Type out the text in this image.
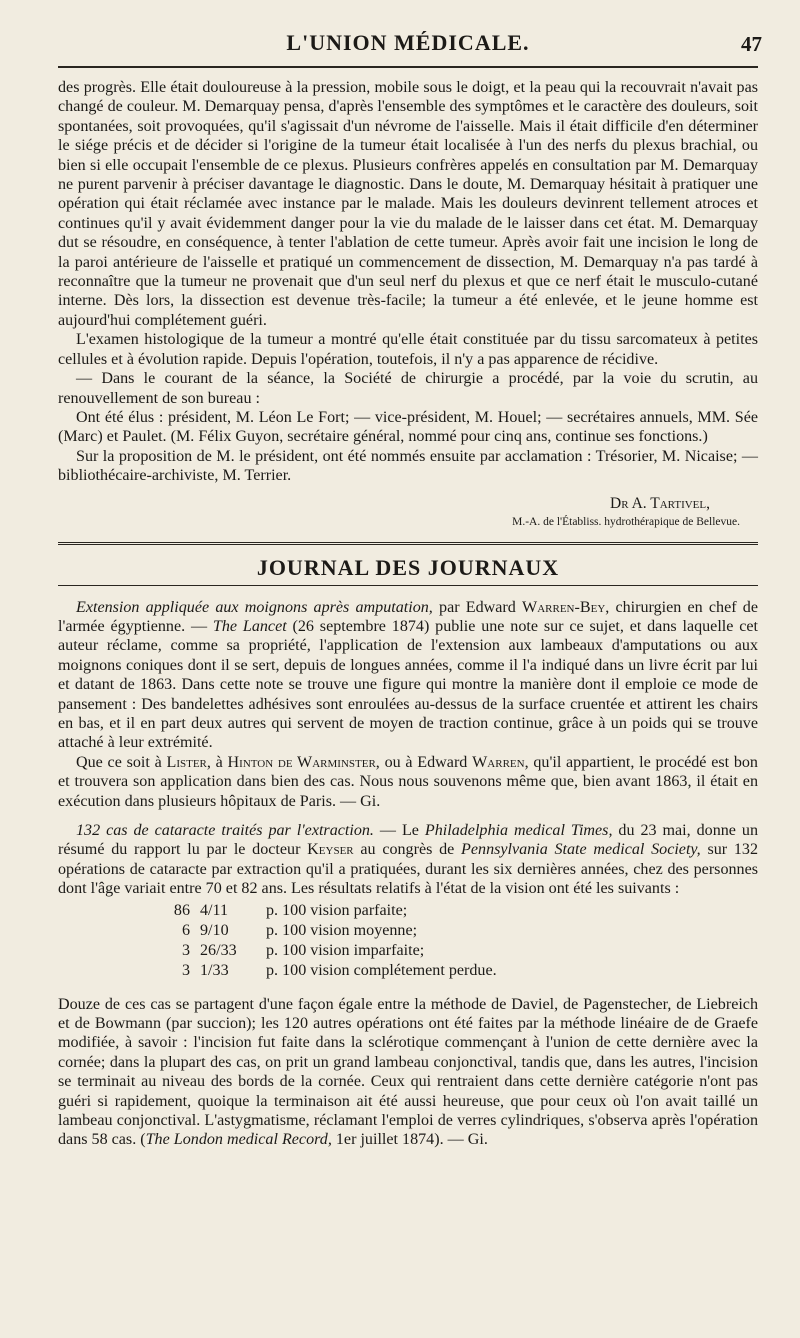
L'UNION MÉDICALE.	47

des progrès. Elle était douloureuse à la pression, mobile sous le doigt, et la peau qui la recouvrait n'avait pas changé de couleur. M. Demarquay pensa, d'après l'ensemble des symptômes et le caractère des douleurs, soit spontanées, soit provoquées, qu'il s'agissait d'un névrome de l'aisselle. Mais il était difficile d'en déterminer le siége précis et de décider si l'origine de la tumeur était localisée à l'un des nerfs du plexus brachial, ou bien si elle occupait l'ensemble de ce plexus. Plusieurs confrères appelés en consultation par M. Demarquay ne purent parvenir à préciser davantage le diagnostic. Dans le doute, M. Demarquay hésitait à pratiquer une opération qui était réclamée avec instance par le malade. Mais les douleurs devinrent tellement atroces et continues qu'il y avait évidemment danger pour la vie du malade de le laisser dans cet état. M. Demarquay dut se résoudre, en conséquence, à tenter l'ablation de cette tumeur. Après avoir fait une incision le long de la paroi antérieure de l'aisselle et pratiqué un commencement de dissection, M. Demarquay n'a pas tardé à reconnaître que la tumeur ne provenait que d'un seul nerf du plexus et que ce nerf était le musculo-cutané interne. Dès lors, la dissection est devenue très-facile; la tumeur a été enlevée, et le jeune homme est aujourd'hui complétement guéri.

L'examen histologique de la tumeur a montré qu'elle était constituée par du tissu sarcomateux à petites cellules et à évolution rapide. Depuis l'opération, toutefois, il n'y a pas apparence de récidive.

— Dans le courant de la séance, la Société de chirurgie a procédé, par la voie du scrutin, au renouvellement de son bureau :

Ont été élus : président, M. Léon Le Fort; — vice-président, M. Houel; — secrétaires annuels, MM. Sée (Marc) et Paulet. (M. Félix Guyon, secrétaire général, nommé pour cinq ans, continue ses fonctions.)

Sur la proposition de M. le président, ont été nommés ensuite par acclamation : Trésorier, M. Nicaise; — bibliothécaire-archiviste, M. Terrier.

Dr A. Tartivel,
M.-A. de l'Établiss. hydrothérapique de Bellevue.
JOURNAL DES JOURNAUX

Extension appliquée aux moignons après amputation, par Edward Warren-Bey, chirurgien en chef de l'armée égyptienne. — The Lancet (26 septembre 1874) publie une note sur ce sujet, et dans laquelle cet auteur réclame, comme sa propriété, l'application de l'extension aux lambeaux d'amputations ou aux moignons coniques dont il se sert, depuis de longues années, comme il l'a indiqué dans un livre écrit par lui et datant de 1863. Dans cette note se trouve une figure qui montre la manière dont il emploie ce mode de pansement : Des bandelettes adhésives sont enroulées au-dessus de la surface cruentée et attirent les chairs en bas, et il en part deux autres qui servent de moyen de traction continue, grâce à un poids qui se trouve attaché à leur extrémité.

Que ce soit à Lister, à Hinton de Warminster, ou à Edward Warren, qu'il appartient, le procédé est bon et trouvera son application dans bien des cas. Nous nous souvenons même que, bien avant 1863, il était en exécution dans plusieurs hôpitaux de Paris. — Gi.

132 cas de cataracte traités par l'extraction. — Le Philadelphia medical Times, du 23 mai, donne un résumé du rapport lu par le docteur Keyser au congrès de Pennsylvania State medical Society, sur 132 opérations de cataracte par extraction qu'il a pratiquées, durant les six dernières années, chez des personnes dont l'âge variait entre 70 et 82 ans. Les résultats relatifs à l'état de la vision ont été les suivants :

86 4/11	p. 100 vision parfaite;
6 9/10	p. 100 vision moyenne;
3 26/33	p. 100 vision imparfaite;
3 1/33	p. 100 vision complétement perdue.

Douze de ces cas se partagent d'une façon égale entre la méthode de Daviel, de Pagenstecher, de Liebreich et de Bowmann (par succion); les 120 autres opérations ont été faites par la méthode linéaire de de Graefe modifiée, à savoir : l'incision fut faite dans la sclérotique commençant à l'union de cette dernière avec la cornée; dans la plupart des cas, on prit un grand lambeau conjonctival, tandis que, dans les autres, l'incision se terminait au niveau des bords de la cornée. Ceux qui rentraient dans cette dernière catégorie n'ont pas guéri si rapidement, quoique la terminaison ait été aussi heureuse, que pour ceux où l'on avait taillé un lambeau conjonctival. L'astygmatisme, réclamant l'emploi de verres cylindriques, s'observa après l'opération dans 58 cas. (The London medical Record, 1er juillet 1874). — Gi.
